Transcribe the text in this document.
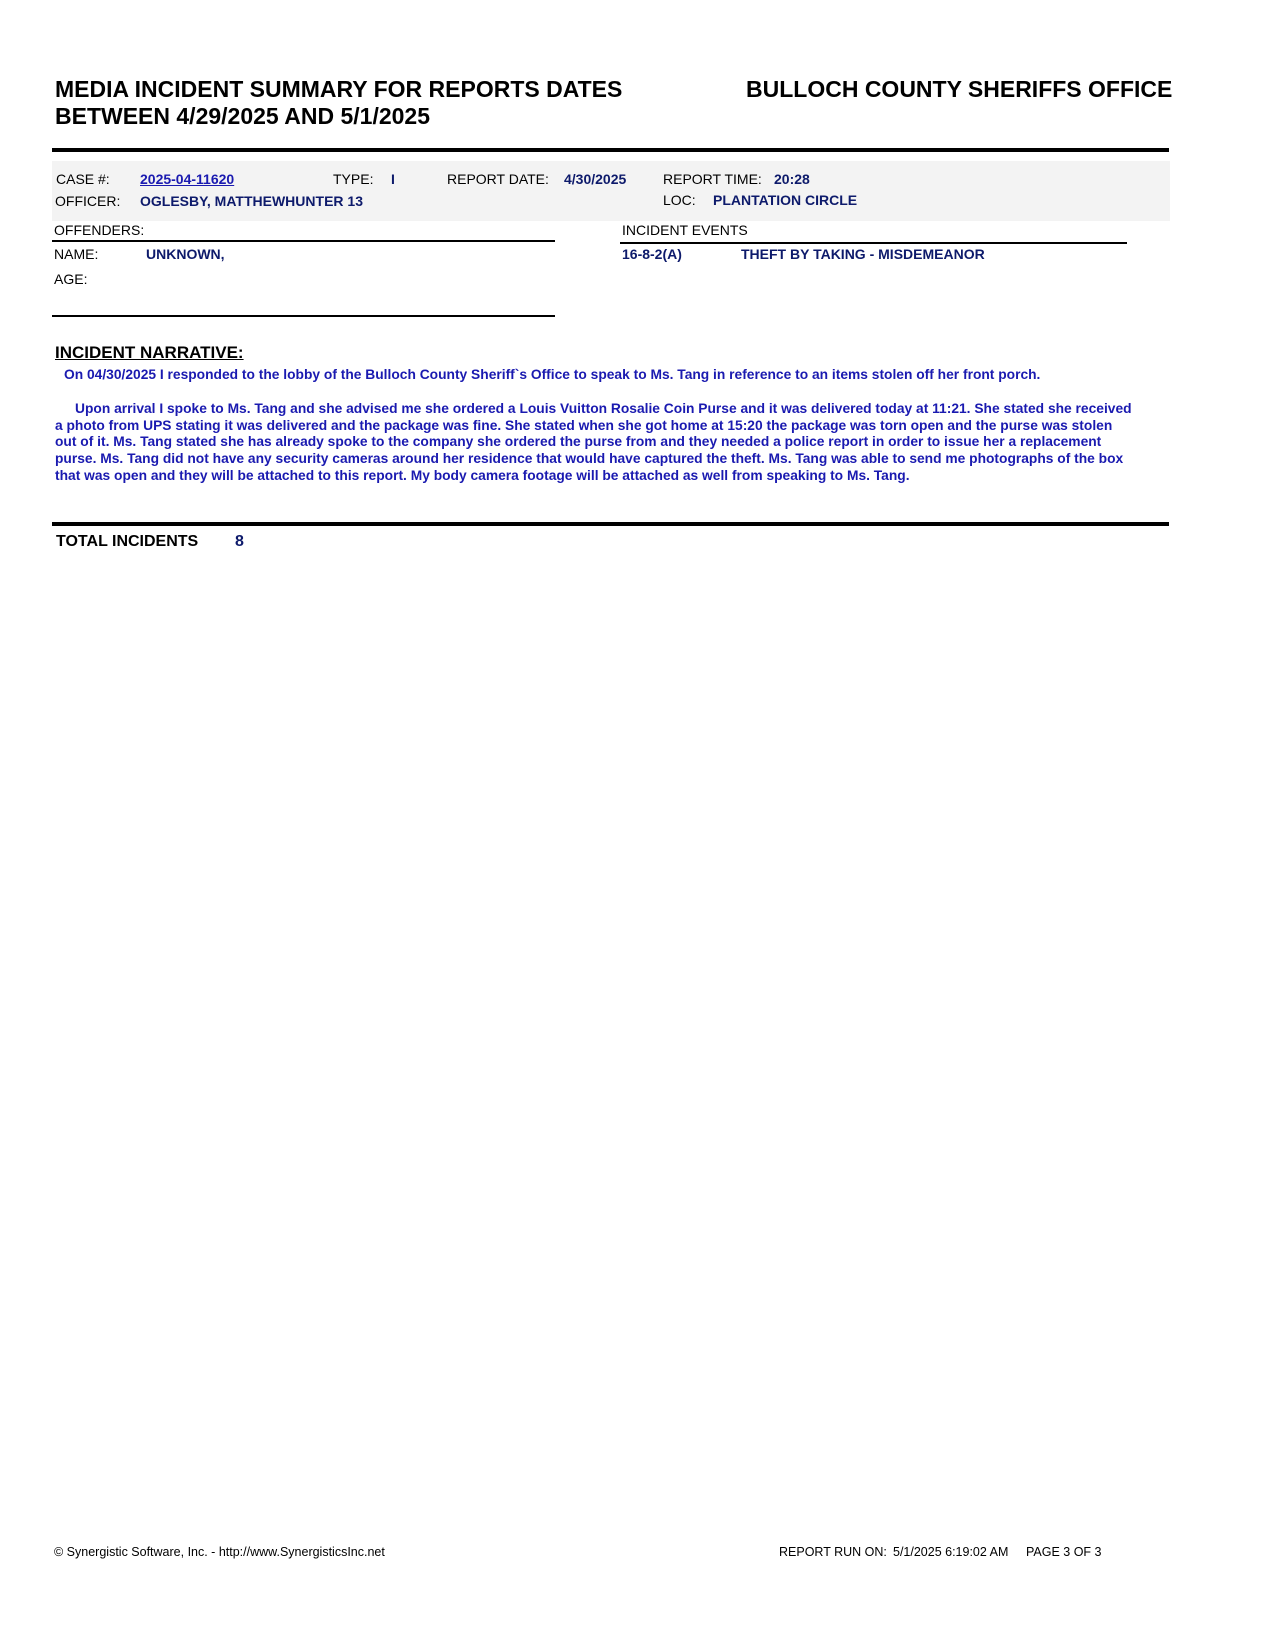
MEDIA INCIDENT SUMMARY FOR REPORTS DATES
BETWEEN 4/29/2025 AND 5/1/2025
BULLOCH COUNTY SHERIFFS OFFICE
CASE #: 2025-04-11620	TYPE: I	REPORT DATE: 4/30/2025	REPORT TIME: 20:28
OFFICER: OGLESBY, MATTHEWHUNTER 13	LOC: PLANTATION CIRCLE
OFFENDERS:
NAME:	UNKNOWN,
AGE:
INCIDENT EVENTS
16-8-2(A)	THEFT BY TAKING - MISDEMEANOR
INCIDENT NARRATIVE:

On 04/30/2025 I responded to the lobby of the Bulloch County Sheriff`s Office to speak to Ms. Tang in reference to an items stolen off her front porch.

Upon arrival I spoke to Ms. Tang and she advised me she ordered a Louis Vuitton Rosalie Coin Purse and it was delivered today at 11:21. She stated she received a photo from UPS stating it was delivered and the package was fine. She stated when she got home at 15:20 the package was torn open and the purse was stolen out of it. Ms. Tang stated she has already spoke to the company she ordered the purse from and they needed a police report in order to issue her a replacement purse. Ms. Tang did not have any security cameras around her residence that would have captured the theft. Ms. Tang was able to send me photographs of the box that was open and they will be attached to this report. My body camera footage will be attached as well from speaking to Ms. Tang.

TOTAL INCIDENTS 8
© Synergistic Software, Inc. - http://www.SynergisticsInc.net	REPORT RUN ON: 5/1/2025 6:19:02 AM PAGE 3 OF 3
